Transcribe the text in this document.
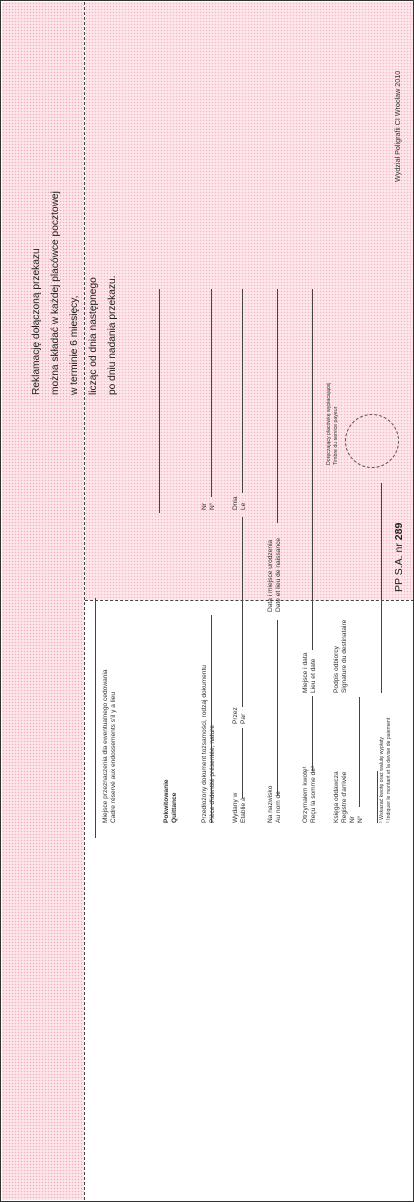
Reklamację dołączoną przekazu można składać w każdej placówce pocztowej w terminie 6 miesięcy, licząc od dnia następnego po dniu nadania przekazu.
PP S.A. nr 289
Wydział Poligrafii CI Wrocław 2010
Miejsce przeznaczenia dla ewentualnego cedowania Cadre réservé aux endossements s'il y a lieu	Pokwitowanie Quittance	Przedłożony dokument tożsamości, rodzaj dokumentu Pièce d'identité présentée, nature
Nr N°
Wydany w Etablie à
Przez Par
Dnia Le
Na nazwisko Au nom de
Data i miejsce urodzenia Date et lieu de naissance
Otrzymałem kwotę¹ Reçu la somme de¹
Miejsce i data Lieu et date
Księga oddawcza Registre d'arrivée Nr N°
Podpis odbiorcy Signature du destinataire
Doręczający placówkę wypłacającej Timbre du service payeur
¹ Wskazać kwotę oraz walutę wypłaty ¹ Indiquer le montant et la devise de paiement
